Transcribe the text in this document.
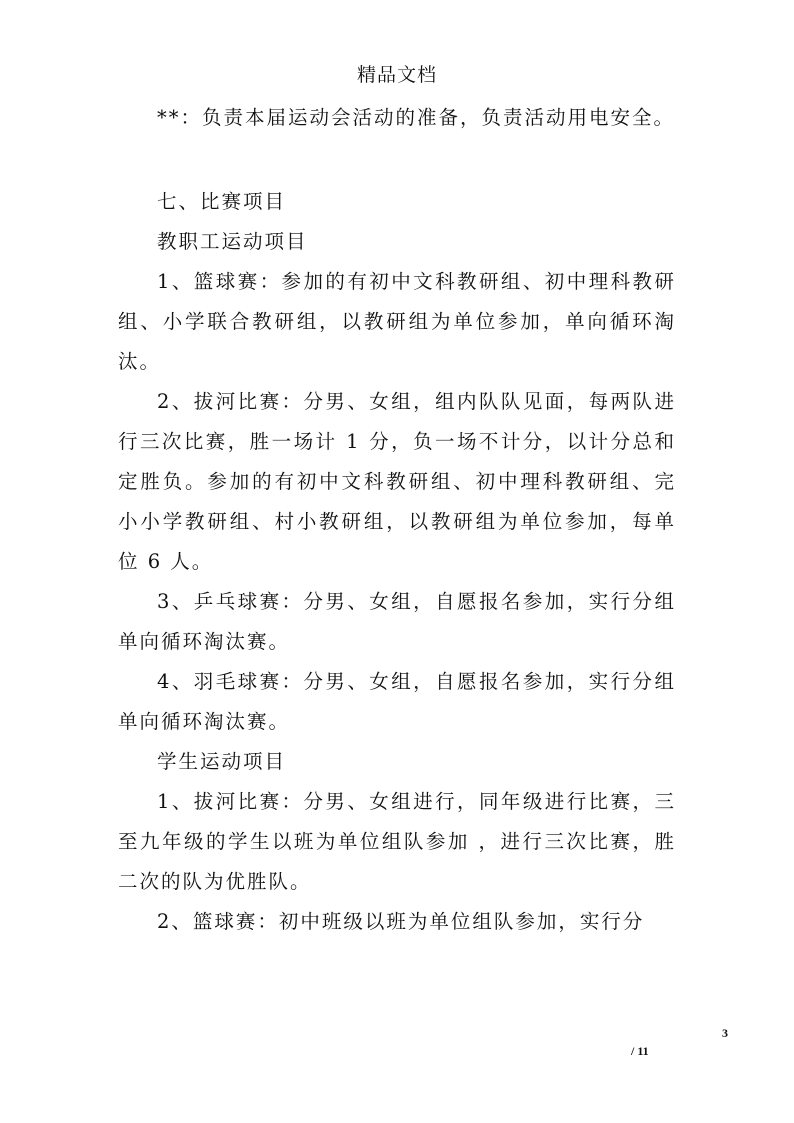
精品文档

**：负责本届运动会活动的准备，负责活动用电安全。

七、比赛项目

教职工运动项目

1、篮球赛：参加的有初中文科教研组、初中理科教研组、小学联合教研组，以教研组为单位参加，单向循环淘汰。

2、拔河比赛：分男、女组，组内队队见面，每两队进行三次比赛，胜一场计 1 分，负一场不计分，以计分总和定胜负。参加的有初中文科教研组、初中理科教研组、完小小学教研组、村小教研组，以教研组为单位参加，每单位 6 人。

3、乒乓球赛：分男、女组，自愿报名参加，实行分组单向循环淘汰赛。

4、羽毛球赛：分男、女组，自愿报名参加，实行分组单向循环淘汰赛。

学生运动项目

1、拔河比赛：分男、女组进行，同年级进行比赛，三至九年级的学生以班为单位组队参加 ，进行三次比赛，胜二次的队为优胜队。

2、篮球赛：初中班级以班为单位组队参加，实行分

3
/ 11
